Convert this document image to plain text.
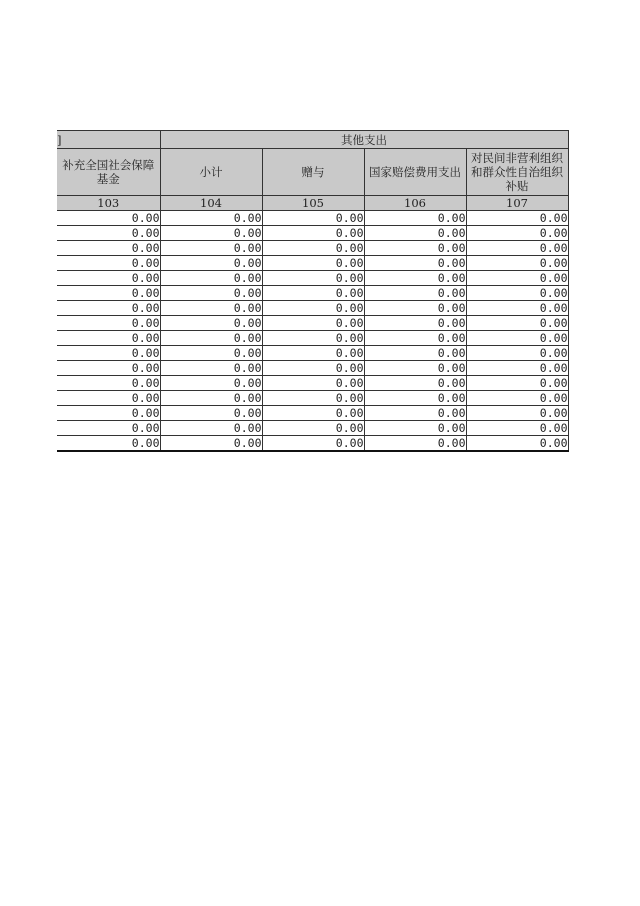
]	其他支出			
补充全国社会保障基金	小计	赠与	国家赔偿费用支出	对民间非营利组织和群众性自治组织补贴
103	104	105	106	107
0.00	0.00	0.00	0.00	0.00
0.00	0.00	0.00	0.00	0.00
0.00	0.00	0.00	0.00	0.00
0.00	0.00	0.00	0.00	0.00
0.00	0.00	0.00	0.00	0.00
0.00	0.00	0.00	0.00	0.00
0.00	0.00	0.00	0.00	0.00
0.00	0.00	0.00	0.00	0.00
0.00	0.00	0.00	0.00	0.00
0.00	0.00	0.00	0.00	0.00
0.00	0.00	0.00	0.00	0.00
0.00	0.00	0.00	0.00	0.00
0.00	0.00	0.00	0.00	0.00
0.00	0.00	0.00	0.00	0.00
0.00	0.00	0.00	0.00	0.00
0.00	0.00	0.00	0.00	0.00
